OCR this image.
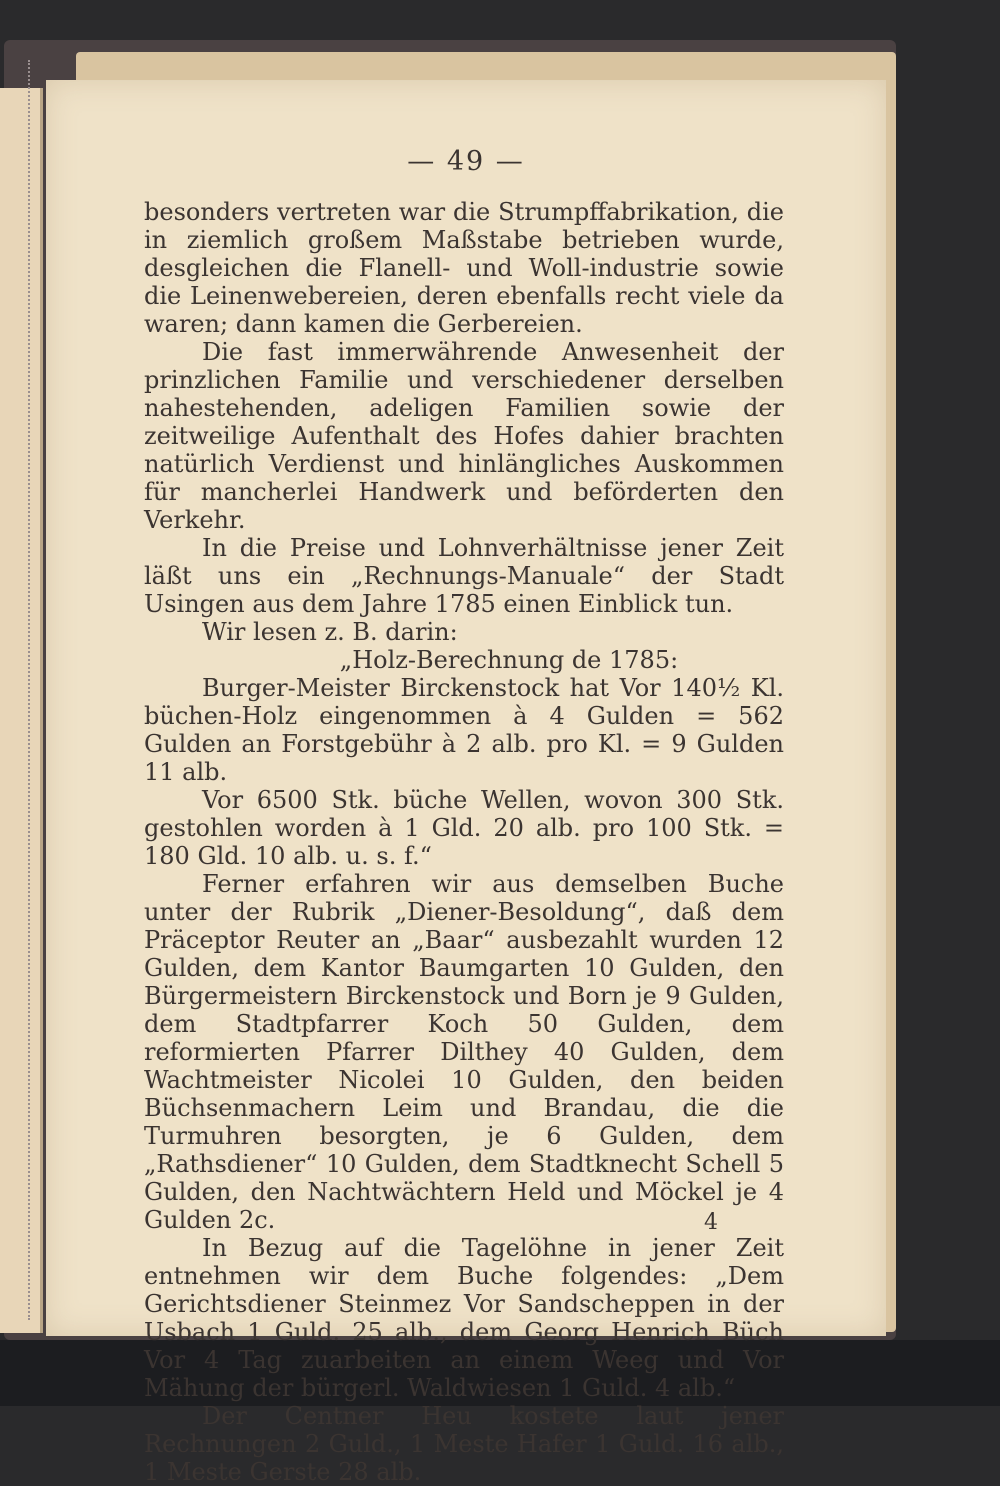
— 49 —

besonders vertreten war die Strumpffabrikation, die in ziemlich großem Maßstabe betrieben wurde, desgleichen die Flanell- und Woll-industrie sowie die Leinenwebereien, deren ebenfalls recht viele da waren; dann kamen die Gerbereien.

Die fast immerwährende Anwesenheit der prinzlichen Familie und verschiedener derselben nahestehenden, adeligen Familien sowie der zeitweilige Aufenthalt des Hofes dahier brachten natürlich Verdienst und hinlängliches Auskommen für mancherlei Handwerk und beförderten den Verkehr.

In die Preise und Lohnverhältnisse jener Zeit läßt uns ein „Rechnungs-Manuale“ der Stadt Usingen aus dem Jahre 1785 einen Einblick tun.

Wir lesen z. B. darin:

„Holz-Berechnung de 1785:

Burger-Meister Birckenstock hat Vor 140½ Kl. büchen-Holz eingenommen à 4 Gulden = 562 Gulden an Forstgebühr à 2 alb. pro Kl. = 9 Gulden 11 alb.

Vor 6500 Stk. büche Wellen, wovon 300 Stk. gestohlen worden à 1 Gld. 20 alb. pro 100 Stk. = 180 Gld. 10 alb. u. s. f.“

Ferner erfahren wir aus demselben Buche unter der Rubrik „Diener-Besoldung“, daß dem Präceptor Reuter an „Baar“ ausbezahlt wurden 12 Gulden, dem Kantor Baumgarten 10 Gulden, den Bürgermeistern Birckenstock und Born je 9 Gulden, dem Stadtpfarrer Koch 50 Gulden, dem reformierten Pfarrer Dilthey 40 Gulden, dem Wachtmeister Nicolei 10 Gulden, den beiden Büchsenmachern Leim und Brandau, die die Turmuhren besorgten, je 6 Gulden, dem „Rathsdiener“ 10 Gulden, dem Stadtknecht Schell 5 Gulden, den Nachtwächtern Held und Möckel je 4 Gulden 2c.

In Bezug auf die Tagelöhne in jener Zeit entnehmen wir dem Buche folgendes: „Dem Gerichtsdiener Steinmez Vor Sandscheppen in der Usbach 1 Guld. 25 alb., dem Georg Henrich Büch Vor 4 Tag zuarbeiten an einem Weeg und Vor Mähung der bürgerl. Waldwiesen 1 Guld. 4 alb.“

Der Centner Heu kostete laut jener Rechnungen 2 Guld., 1 Meste Hafer 1 Guld. 16 alb., 1 Meste Gerste 28 alb.

4
